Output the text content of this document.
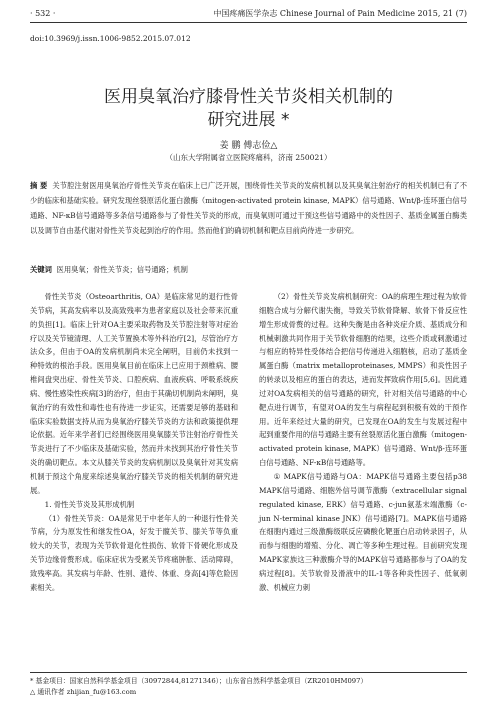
· 532 ·	中国疼痛医学杂志 Chinese Journal of Pain Medicine 2015, 21 (7)
doi:10.3969/j.issn.1006-9852.2015.07.012
医用臭氧治疗膝骨性关节炎相关机制的
研究进展 *
姜 鹏 傅志俭△
（山东大学附属省立医院疼痛科，济南 250021）
摘 要 关节腔注射医用臭氧治疗骨性关节炎在临床上已广泛开展，围绕骨性关节炎的发病机制以及其臭氧注射治疗的相关机制已有了不少的临床和基础实验。研究发现丝裂原活化蛋白激酶（mitogen-activated protein kinase, MAPK）信号通路、Wnt/β-连环蛋白信号通路、NF-κB信号通路等多条信号通路参与了骨性关节炎的形成，而臭氧则可通过干预这些信号通路中的炎性因子、基质金属蛋白酶类以及调节自由基代谢对骨性关节炎起到治疗的作用。然而他们的确切机制和靶点目前尚待进一步研究。
关键词 医用臭氧；骨性关节炎；信号通路；机制

骨性关节炎（Osteoarthritis, OA）是临床常见的退行性骨关节病，其高发病率以及高致残率为患者家庭以及社会带来沉重的负担[1]。临床上针对OA主要采取药物及关节腔注射等对症治疗以及关节镜清理、人工关节置换术等外科治疗[2]，尽管治疗方法众多，但由于OA的发病机制尚未完全阐明，目前仍未找到一种特效的根治手段。医用臭氧目前在临床上已应用于颈椎病、腰椎间盘突出症、骨性关节炎、口腔疾病、血液疾病、呼吸系统疾病、慢性感染性疾病[3]的治疗，但由于其确切机制尚未阐明，臭氧治疗的有效性和毒性也有待进一步证实，还需要足够的基础和临床实验数据支持从而为臭氧治疗膝关节炎的方法和政策提供理论依据。近年来学者们已经围绕医用臭氧膝关节注射治疗骨性关节炎进行了不少临床及基础实验，然而并未找到其治疗骨性关节炎的确切靶点。本文从膝关节炎的发病机制以及臭氧针对其发病机制于预这个角度来综述臭氧治疗膝关节炎的相关机制的研究进展。

1. 骨性关节炎及其形成机制

（1）骨性关节炎：OA是常见于中老年人的一种退行性骨关节病，分为原发性和继发性OA，好发于髋关节、膝关节等负重较大的关节，表现为关节软骨退化性损伤、软骨下骨硬化形成及关节边缘骨赘形成。临床症状为受累关节疼痛肿胀、活动障碍，致残率高。其发病与年龄、性别、遗传、体重、身高[4]等危险因素相关。

（2）骨性关节炎发病机制研究：OA的病理生理过程为软骨细胞合成与分解代谢失衡，导致关节软骨降解、软骨下骨反应性增生形成骨赘的过程。这种失衡是由各种炎症介质、基质成分和机械刺激共同作用于关节软骨细胞的结果，这些介质或刺激通过与相应的特异性受体结合把信号传递进入细胞核，启动了基质金属蛋白酶（matrix metalloproteinases, MMPS）和炎性因子的转录以及相应的蛋白的表达，进而发挥致病作用[5,6]。因此通过对OA发病相关的信号通路的研究，针对相关信号通路的中心靶点进行调节，有望对OA的发生与病程起到积极有效的干预作用。近年来经过大量的研究，已发现在OA的发生与发展过程中起到重要作用的信号通路主要有丝裂原活化蛋白激酶（mitogen-activated protein kinase, MAPK）信号通路、Wnt/β-连环蛋白信号通路、NF-κB信号通路等。

① MAPK信号通路与OA：MAPK信号通路主要包括p38 MAPK信号通路、细胞外信号调节激酶（extracellular signal regulated kinase, ERK）信号通路、c-jun氨基末端激酶（c-jun N-terminal kinase JNK）信号通路[7]。MAPK信号通路在细胞内通过三级激酶级联反应磷酸化靶蛋白启动转录因子，从而参与细胞的增殖、分化、凋亡等多种生理过程。目前研究发现MAPK家族这三种激酶介导的MAPK信号通路都参与了OA的发病过程[8]。关节软骨及滑液中的IL-1等各种炎性因子、低氧刺激、机械应力刺

* 基金项目：国家自然科学基金项目（30972844,81271346）；山东省自然科学基金项目（ZR2010HM097）
△ 通讯作者 zhijian_fu@163.com
